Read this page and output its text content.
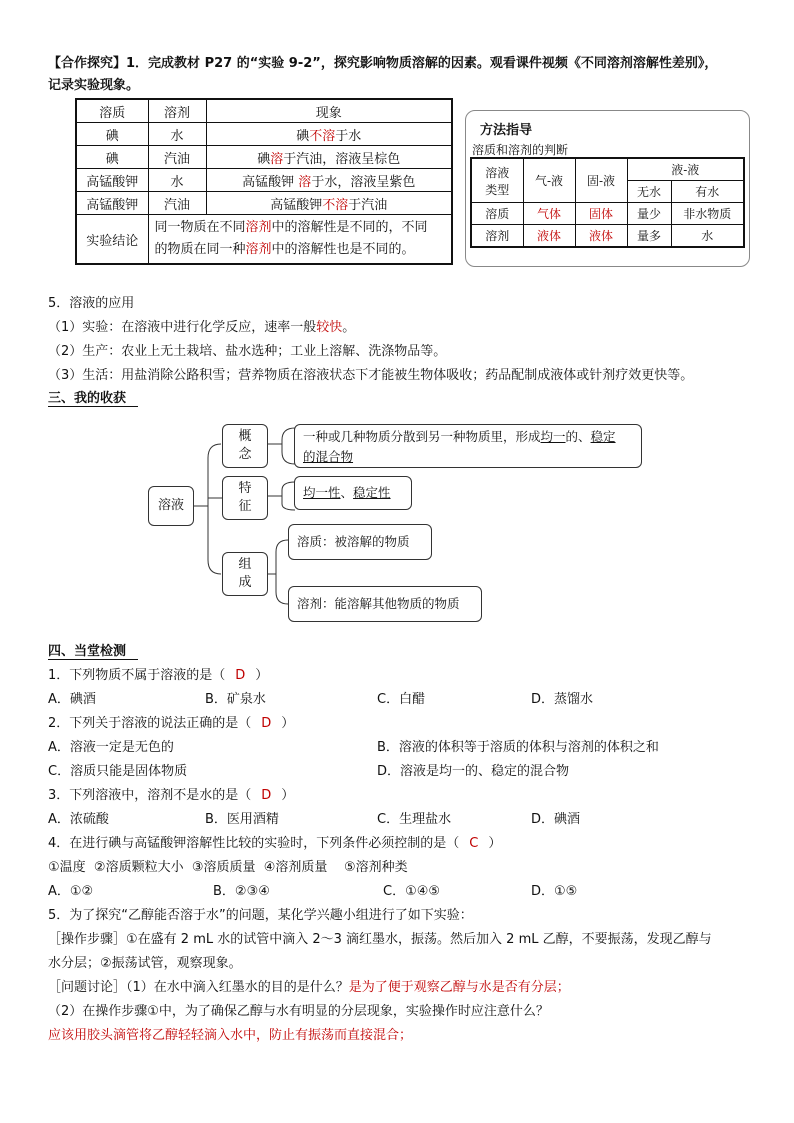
【合作探究】1．完成教材 P27 的“实验 9-2”，探究影响物质溶解的因素。观看课件视频《不同溶剂溶解性差别》，
记录实验现象。
溶质	溶剂	现象
碘	水	碘不溶于水
碘	汽油	碘溶于汽油，溶液呈棕色
高锰酸钾	水	高锰酸钾 溶于水，溶液呈紫色
高锰酸钾	汽油	高锰酸钾不溶于汽油
实验结论	同一物质在不同溶剂中的溶解性是不同的，不同
的物质在同一种溶剂中的溶解性也是不同的。	
方法指导
溶质和溶剂的判断
溶液类型	气-液	固-液	液-液	
			无水	有水
溶质	气体	固体	量少	非水物质
溶剂	液体	液体	量多	水
5．溶液的应用
（1）实验：在溶液中进行化学反应，速率一般较快。
（2）生产：农业上无土栽培、盐水选种；工业上溶解、洗涤物品等。
（3）生活：用盐消除公路积雪；营养物质在溶液状态下才能被生物体吸收；药品配制成液体或针剂疗效更快等。
三、我的收获
溶液
概念
一种或几种物质分散到另一种物质里，形成均一的、稳定
的混合物
特征
均一性、稳定性
组成
溶质：被溶解的物质
溶剂：能溶解其他物质的物质
四、当堂检测
1．下列物质不属于溶液的是（ D ）
A．碘酒	B．矿泉水	C．白醋	D．蒸馏水
2．下列关于溶液的说法正确的是（ D ）
A．溶液一定是无色的	B．溶液的体积等于溶质的体积与溶剂的体积之和
C．溶质只能是固体物质	D．溶液是均一的、稳定的混合物
3．下列溶液中，溶剂不是水的是（ D ）
A．浓硫酸	B．医用酒精	C．生理盐水	D．碘酒
4．在进行碘与高锰酸钾溶解性比较的实验时，下列条件必须控制的是（ C ）
①温度  ②溶质颗粒大小  ③溶质质量  ④溶剂质量    ⑤溶剂种类
A．①②	B．②③④	C．①④⑤	D．①⑤
5．为了探究“乙醇能否溶于水”的问题，某化学兴趣小组进行了如下实验：
［操作步骤］①在盛有 2 mL 水的试管中滴入 2～3 滴红墨水，振荡。然后加入 2 mL 乙醇，不要振荡，发现乙醇与
水分层；②振荡试管，观察现象。
［问题讨论］（1）在水中滴入红墨水的目的是什么？是为了便于观察乙醇与水是否有分层；
（2）在操作步骤①中，为了确保乙醇与水有明显的分层现象，实验操作时应注意什么？
应该用胶头滴管将乙醇轻轻滴入水中，防止有振荡而直接混合；
